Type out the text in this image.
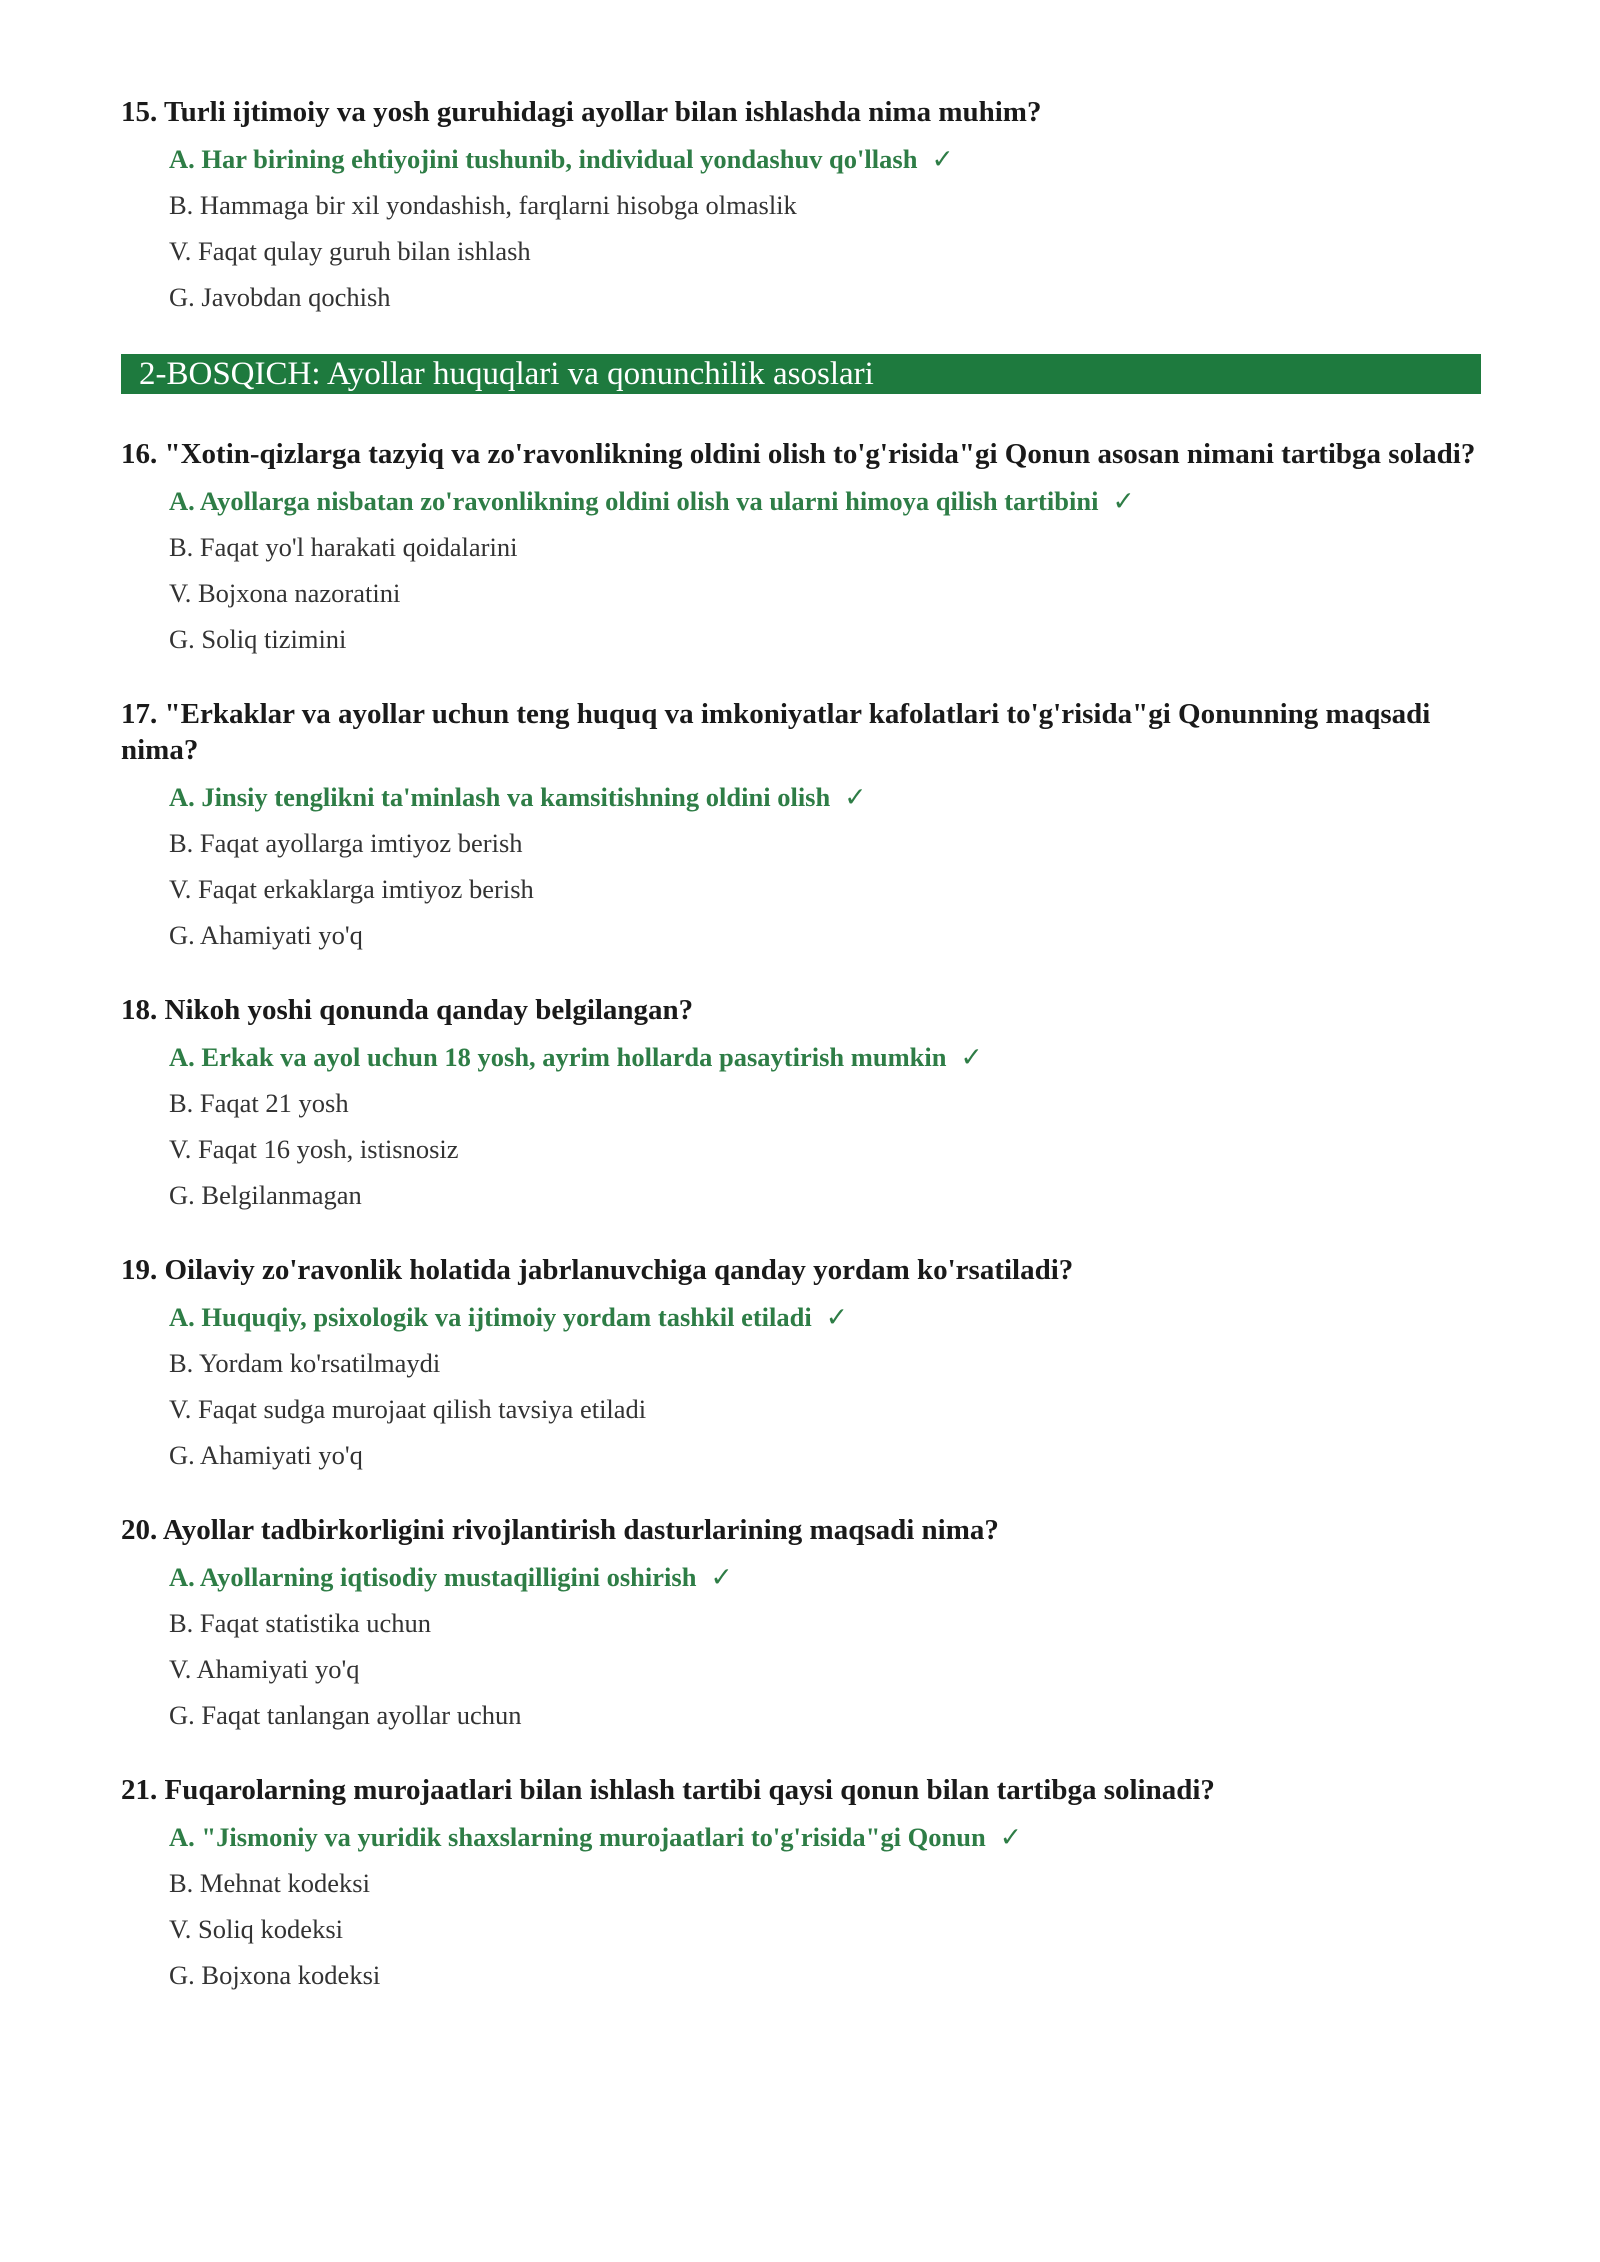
15. Turli ijtimoiy va yosh guruhidagi ayollar bilan ishlashda nima muhim?
A. Har birining ehtiyojini tushunib, individual yondashuv qo'llash ✓
B. Hammaga bir xil yondashish, farqlarni hisobga olmaslik
V. Faqat qulay guruh bilan ishlash
G. Javobdan qochish
2-BOSQICH: Ayollar huquqlari va qonunchilik asoslari
16. "Xotin-qizlarga tazyiq va zo'ravonlikning oldini olish to'g'risida"gi Qonun asosan nimani tartibga soladi?
A. Ayollarga nisbatan zo'ravonlikning oldini olish va ularni himoya qilish tartibini ✓
B. Faqat yo'l harakati qoidalarini
V. Bojxona nazoratini
G. Soliq tizimini
17. "Erkaklar va ayollar uchun teng huquq va imkoniyatlar kafolatlari to'g'risida"gi Qonunning maqsadi nima?
A. Jinsiy tenglikni ta'minlash va kamsitishning oldini olish ✓
B. Faqat ayollarga imtiyoz berish
V. Faqat erkaklarga imtiyoz berish
G. Ahamiyati yo'q
18. Nikoh yoshi qonunda qanday belgilangan?
A. Erkak va ayol uchun 18 yosh, ayrim hollarda pasaytirish mumkin ✓
B. Faqat 21 yosh
V. Faqat 16 yosh, istisnosiz
G. Belgilanmagan
19. Oilaviy zo'ravonlik holatida jabrlanuvchiga qanday yordam ko'rsatiladi?
A. Huquqiy, psixologik va ijtimoiy yordam tashkil etiladi ✓
B. Yordam ko'rsatilmaydi
V. Faqat sudga murojaat qilish tavsiya etiladi
G. Ahamiyati yo'q
20. Ayollar tadbirkorligini rivojlantirish dasturlarining maqsadi nima?
A. Ayollarning iqtisodiy mustaqilligini oshirish ✓
B. Faqat statistika uchun
V. Ahamiyati yo'q
G. Faqat tanlangan ayollar uchun
21. Fuqarolarning murojaatlari bilan ishlash tartibi qaysi qonun bilan tartibga solinadi?
A. "Jismoniy va yuridik shaxslarning murojaatlari to'g'risida"gi Qonun ✓
B. Mehnat kodeksi
V. Soliq kodeksi
G. Bojxona kodeksi
